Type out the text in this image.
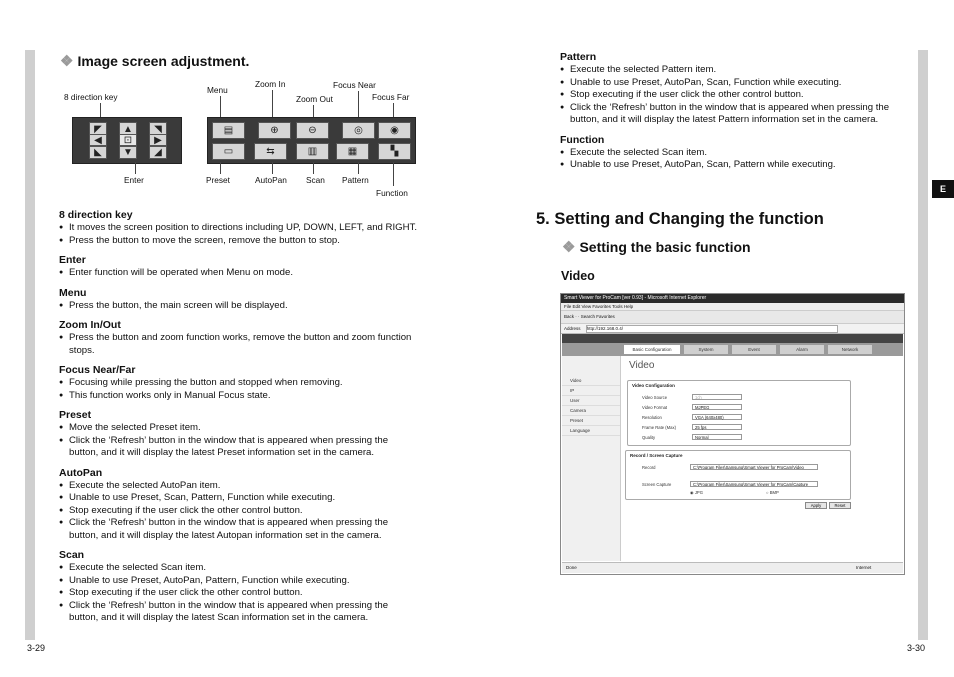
❖ Image screen adjustment.
8 direction key
Menu
Zoom In
Zoom Out
Focus Near
Focus Far
◤	▲	◥
◀	⊡	▶
◣	▼	◢
▤	⊕	⊖	◎	◉
▭	⇆	▥	▦	▚
Enter	Preset	AutoPan Scan Pattern
Function
8 direction key
● It moves the screen position to directions including UP, DOWN, LEFT, and RIGHT.
● Press the button to move the screen, remove the button to stop.
Enter
● Enter function will be operated when Menu on mode.
Menu
● Press the button, the main screen will be displayed.
Zoom In/Out
● Press the button and zoom function works, remove the button and zoom function stops.
Focus Near/Far
● Focusing while pressing the button and stopped when removing.
● This function works only in Manual Focus state.
Preset
● Move the selected Preset item.
● Click the ‘Refresh’ button in the window that is appeared when pressing the button, and it will display the latest Preset information set in the camera.
AutoPan
● Execute the selected AutoPan item.
● Unable to use Preset, Scan, Pattern, Function while executing.
● Stop executing if the user click the other control button.
● Click the ‘Refresh’ button in the window that is appeared when pressing the button, and it will display the latest Autopan information set in the camera.
Scan
● Execute the selected Scan item.
● Unable to use Preset, AutoPan, Pattern, Function while executing.
● Stop executing if the user click the other control button.
● Click the ‘Refresh’ button in the window that is appeared when pressing the button, and it will display the latest Scan information set in the camera.
3-29
Pattern
● Execute the selected Pattern item.
● Unable to use Preset, AutoPan, Scan, Function while executing.
● Stop executing if the user click the other control button.
● Click the ‘Refresh’ button in the window that is appeared when pressing the button, and it will display the latest Pattern information set in the camera.
Function
● Execute the selected Scan item.
● Unable to use Preset, AutoPan, Scan, Pattern while executing.
E
5. Setting and Changing the function
❖ Setting the basic function
Video
Smart Viewer for ProCam [ver 0.93] - Microsoft Internet Explorer
File Edit View Favorites Tools Help
Back · · Search Favorites
Address http://192.168.0.4/
Basic Configuration	System	Event	Alarm	Network
Video
IP
User
Camera
Preset
Language
Video
Video Configuration
Video Source	1ch
Video Format	MJPEG
Resolution	VGA (640x480)
Frame Rate (Max)	25 fps
Quality	Normal
Record / Screen Capture
Record	C:\Program Files\Samsung\Smart Viewer for ProCam\Video
Screen Capture	C:\Program Files\Samsung\Smart Viewer for ProCam\Capture
◉ JPG	○ BMP
Apply	Reset
Done	Internet
3-30
